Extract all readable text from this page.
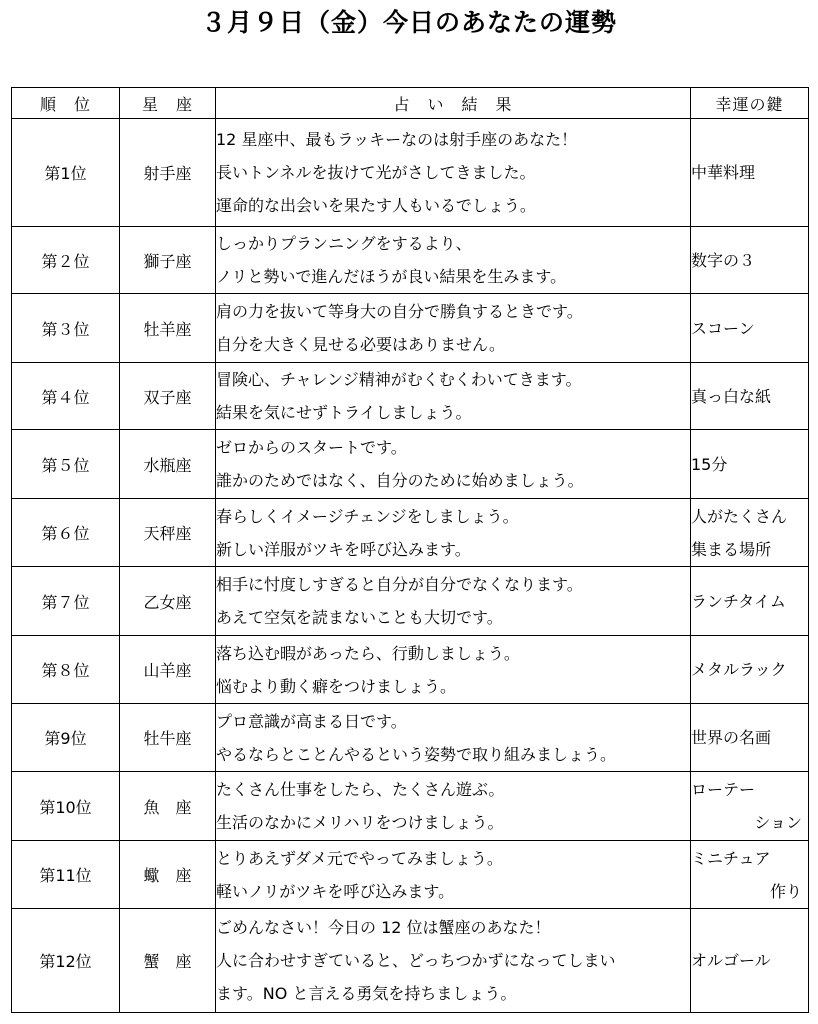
３月９日（金）今日のあなたの運勢
順　位	星　座	占　い　結　果	幸運の鍵
第1位	射手座	12 星座中、最もラッキーなのは射手座のあなた！
長いトンネルを抜けて光がさしてきました。
運命的な出会いを果たす人もいるでしょう。	中華料理

第２位	獅子座	しっかりプランニングをするより、
ノリと勢いで進んだほうが良い結果を生みます。	数字の３

第３位	牡羊座	肩の力を抜いて等身大の自分で勝負するときです。
自分を大きく見せる必要はありません。	スコーン

第４位	双子座	冒険心、チャレンジ精神がむくむくわいてきます。
結果を気にせずトライしましょう。	真っ白な紙

第５位	水瓶座	ゼロからのスタートです。
誰かのためではなく、自分のために始めましょう。	15分

第６位	天秤座	春らしくイメージチェンジをしましょう。
新しい洋服がツキを呼び込みます。	人がたくさん
集まる場所

第７位	乙女座	相手に忖度しすぎると自分が自分でなくなります。
あえて空気を読まないことも大切です。	ランチタイム

第８位	山羊座	落ち込む暇があったら、行動しましょう。
悩むより動く癖をつけましょう。	メタルラック

第9位	牡牛座	プロ意識が高まる日です。
やるならとことんやるという姿勢で取り組みましょう。	世界の名画

第10位	魚　座	たくさん仕事をしたら、たくさん遊ぶ。
生活のなかにメリハリをつけましょう。	ローテー
ション

第11位	蠍　座	とりあえずダメ元でやってみましょう。
軽いノリがツキを呼び込みます。	ミニチュア
作り

第12位	蟹　座	ごめんなさい！今日の 12 位は蟹座のあなた！
人に合わせすぎていると、どっちつかずになってしまい
ます。NO と言える勇気を持ちましょう。	オルゴール
